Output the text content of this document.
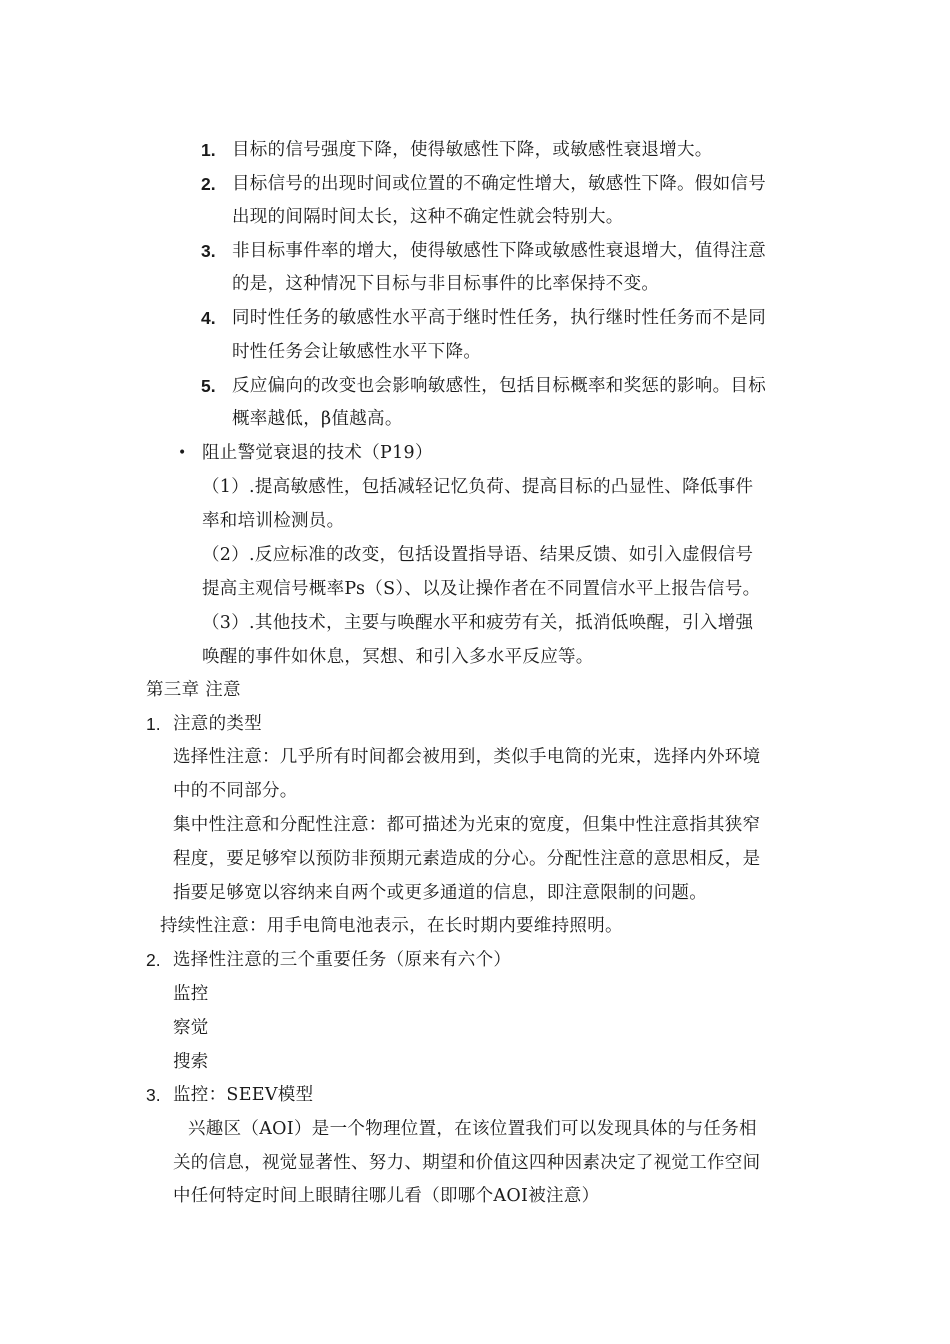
1. 目标的信号强度下降，使得敏感性下降，或敏感性衰退增大。
2. 目标信号的出现时间或位置的不确定性增大，敏感性下降。假如信号
出现的间隔时间太长，这种不确定性就会特别大。
3. 非目标事件率的增大，使得敏感性下降或敏感性衰退增大，值得注意
的是，这种情况下目标与非目标事件的比率保持不变。
4. 同时性任务的敏感性水平高于继时性任务，执行继时性任务而不是同
时性任务会让敏感性水平下降。
5. 反应偏向的改变也会影响敏感性，包括目标概率和奖惩的影响。目标
概率越低，β值越高。
• 阻止警觉衰退的技术（P19）
（1）.提高敏感性，包括减轻记忆负荷、提高目标的凸显性、降低事件
率和培训检测员。
（2）.反应标准的改变，包括设置指导语、结果反馈、如引入虚假信号
提高主观信号概率Ps（S）、以及让操作者在不同置信水平上报告信号。
（3）.其他技术，主要与唤醒水平和疲劳有关，抵消低唤醒，引入增强
唤醒的事件如休息，冥想、和引入多水平反应等。
第三章 注意
1. 注意的类型
选择性注意：几乎所有时间都会被用到，类似手电筒的光束，选择内外环境
中的不同部分。
集中性注意和分配性注意：都可描述为光束的宽度，但集中性注意指其狭窄
程度，要足够窄以预防非预期元素造成的分心。分配性注意的意思相反，是
指要足够宽以容纳来自两个或更多通道的信息，即注意限制的问题。
持续性注意：用手电筒电池表示，在长时期内要维持照明。
2. 选择性注意的三个重要任务（原来有六个）
监控
察觉
搜索
3. 监控：SEEV模型
兴趣区（AOI）是一个物理位置，在该位置我们可以发现具体的与任务相
关的信息，视觉显著性、努力、期望和价值这四种因素决定了视觉工作空间
中任何特定时间上眼睛往哪儿看（即哪个AOI被注意）
